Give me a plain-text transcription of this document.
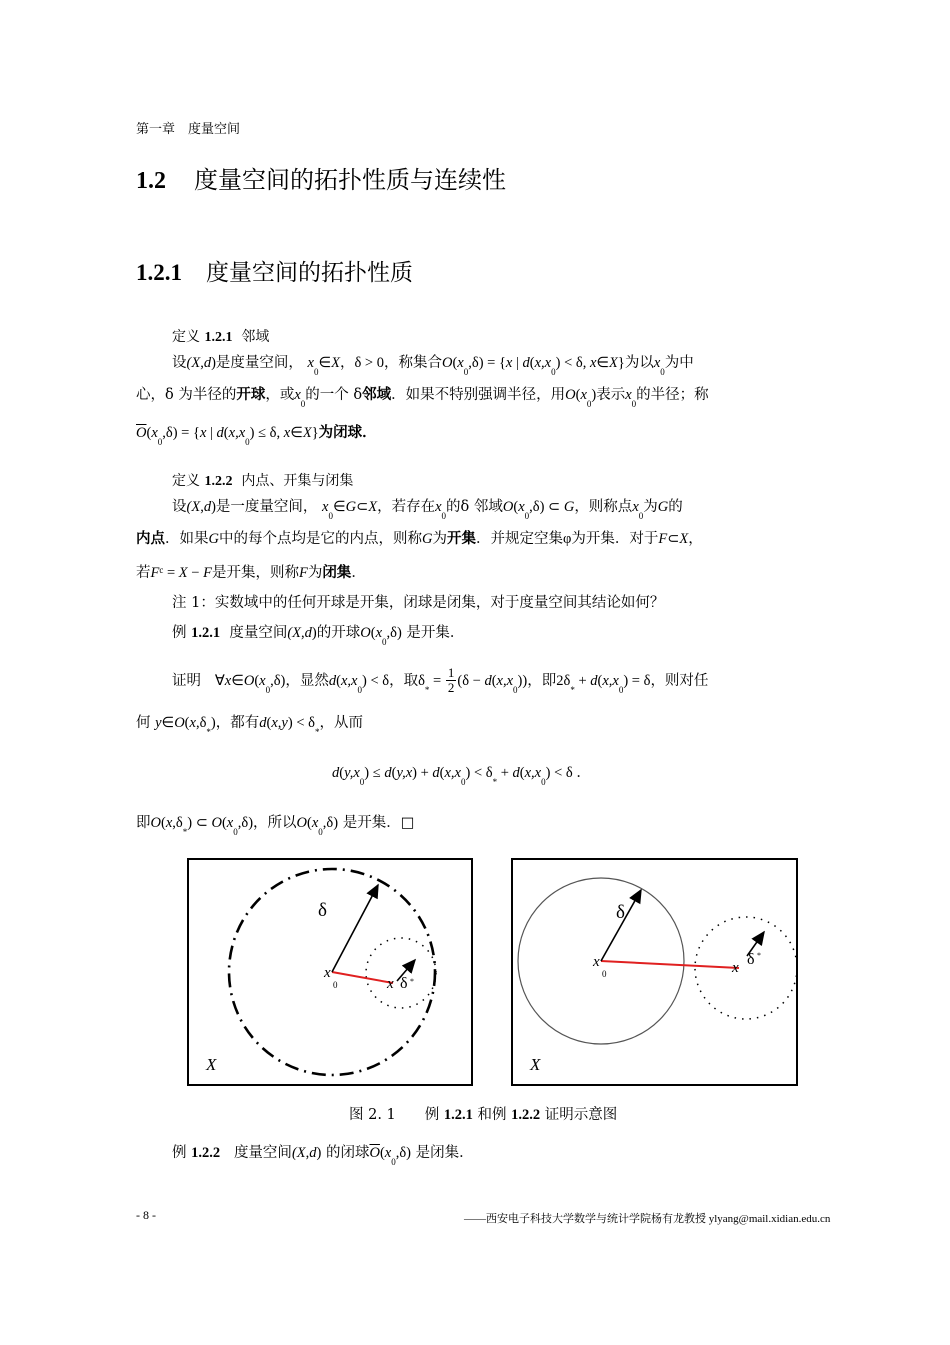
第一章　度量空间
1.2 度量空间的拓扑性质与连续性
1.2.1 度量空间的拓扑性质
定义 1.2.1 邻域
设(X,d)是度量空间， $x_0\in X$，δ > 0，称集合$O(x_0,\delta) = \{x$ | $d(x,x_0) < \delta$, x∈X}为以$x_0$为中
心，δ 为半径的开球，或$x_0$的一个 δ邻域．如果不特别强调半径，用$O(x_0)$表示$x_0$的半径；称
$\overline{O}(x_0,\delta) = \{x$ | $d(x,x_0) \le \delta$, x∈X}为闭球．
定义 1.2.2 内点、开集与闭集
设(X,d)是一度量空间， $x_0\in G\subset X$，若存在$x_0$的δ 邻域$O(x_0,\delta)$ ⊂ G，则称点$x_0$为G的
内点．如果G中的每个点均是它的内点，则称G为开集．并规定空集φ为开集．对于F⊂X，
若$F^c = X - F$是开集，则称F为闭集．
注 1：实数域中的任何开球是开集，闭球是闭集，对于度量空间其结论如何？
例 1.2.1 度量空间(X,d)的开球$O(x_0,\delta)$ 是开集．
证明 $\forall x\in O(x_0,\delta)$，显然$d(x,x_0) < \delta$，取$\delta_* = \frac{1}{2} (\delta - d(x,x_0))$，即$2\delta_* + d(x,x_0) = \delta$，则对任
何 $y\in O(x,\delta_*)$，都有$d(x,y) < \delta_*$，从而
$d(y,x_0) \le d(y,x) + d(x,x_0) < \delta_* + d(x,x_0) < \delta$ ．
即$O(x,\delta_*)$ ⊂ $O(x_0,\delta)$，所以$O(x_0,\delta)$ 是开集．□
δ
x
0	x δ *
X
δ
x
0	x δ *
X
图 2. 1　　例 1.2.1 和例 1.2.2 证明示意图
例 1.2.2 度量空间(X,d) 的闭球$\overline{O}(x_0,\delta)$ 是闭集．
- 8 -	——西安电子科技大学数学与统计学院杨有龙教授 ylyang@mail.xidian.edu.cn
